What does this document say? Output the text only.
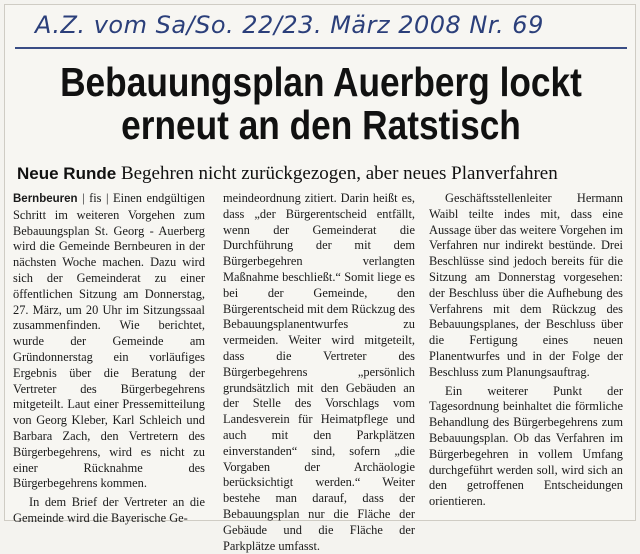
A.Z. vom Sa/So. 22/23. März 2008 Nr. 69
Bebauungsplan Auerberg lockt erneut an den Ratstisch
Neue Runde Begehren nicht zurückgezogen, aber neues Planverfahren

Bernbeuren | fis | Einen endgültigen Schritt im weiteren Vorgehen zum Bebauungsplan St. Georg - Auerberg wird die Gemeinde Bernbeuren in der nächsten Woche machen. Dazu wird sich der Gemeinderat zu einer öffentlichen Sitzung am Donnerstag, 27. März, um 20 Uhr im Sitzungssaal zusammenfinden. Wie berichtet, wurde der Gemeinde am Gründonnerstag ein vorläufiges Ergebnis über die Beratung der Vertreter des Bürgerbegehrens mitgeteilt. Laut einer Pressemitteilung von Georg Kleber, Karl Schleich und Barbara Zach, den Vertretern des Bürgerbegehrens, wird es nicht zu einer Rücknahme des Bürgerbegehrens kommen.

In dem Brief der Vertreter an die Gemeinde wird die Bayerische Ge-

meindeordnung zitiert. Darin heißt es, dass „der Bürgerentscheid entfällt, wenn der Gemeinderat die Durchführung der mit dem Bürgerbegehren verlangten Maßnahme beschließt.“ Somit liege es bei der Gemeinde, den Bürgerentscheid mit dem Rückzug des Bebauungsplanentwurfes zu vermeiden. Weiter wird mitgeteilt, dass die Vertreter des Bürgerbegehrens „persönlich grundsätzlich mit den Gebäuden an der Stelle des Vorschlags vom Landesverein für Heimatpflege und auch mit den Parkplätzen einverstanden“ sind, sofern „die Vorgaben der Archäologie berücksichtigt werden.“ Weiter bestehe man darauf, dass der Bebauungsplan nur die Fläche der Gebäude und die Fläche der Parkplätze umfasst.

Geschäftsstellenleiter Hermann Waibl teilte indes mit, dass eine Aussage über das weitere Vorgehen im Verfahren nur indirekt bestünde. Drei Beschlüsse sind jedoch bereits für die Sitzung am Donnerstag vorgesehen: der Beschluss über die Aufhebung des Verfahrens mit dem Rückzug des Bebauungsplanes, der Beschluss über die Fertigung eines neuen Planentwurfes und in der Folge der Beschluss zum Planungsauftrag.

Ein weiterer Punkt der Tagesordnung beinhaltet die förmliche Behandlung des Bürgerbegehrens zum Bebauungsplan. Ob das Verfahren im Bürgerbegehren in vollem Umfang durchgeführt werden soll, wird sich an den getroffenen Entscheidungen orientieren.
